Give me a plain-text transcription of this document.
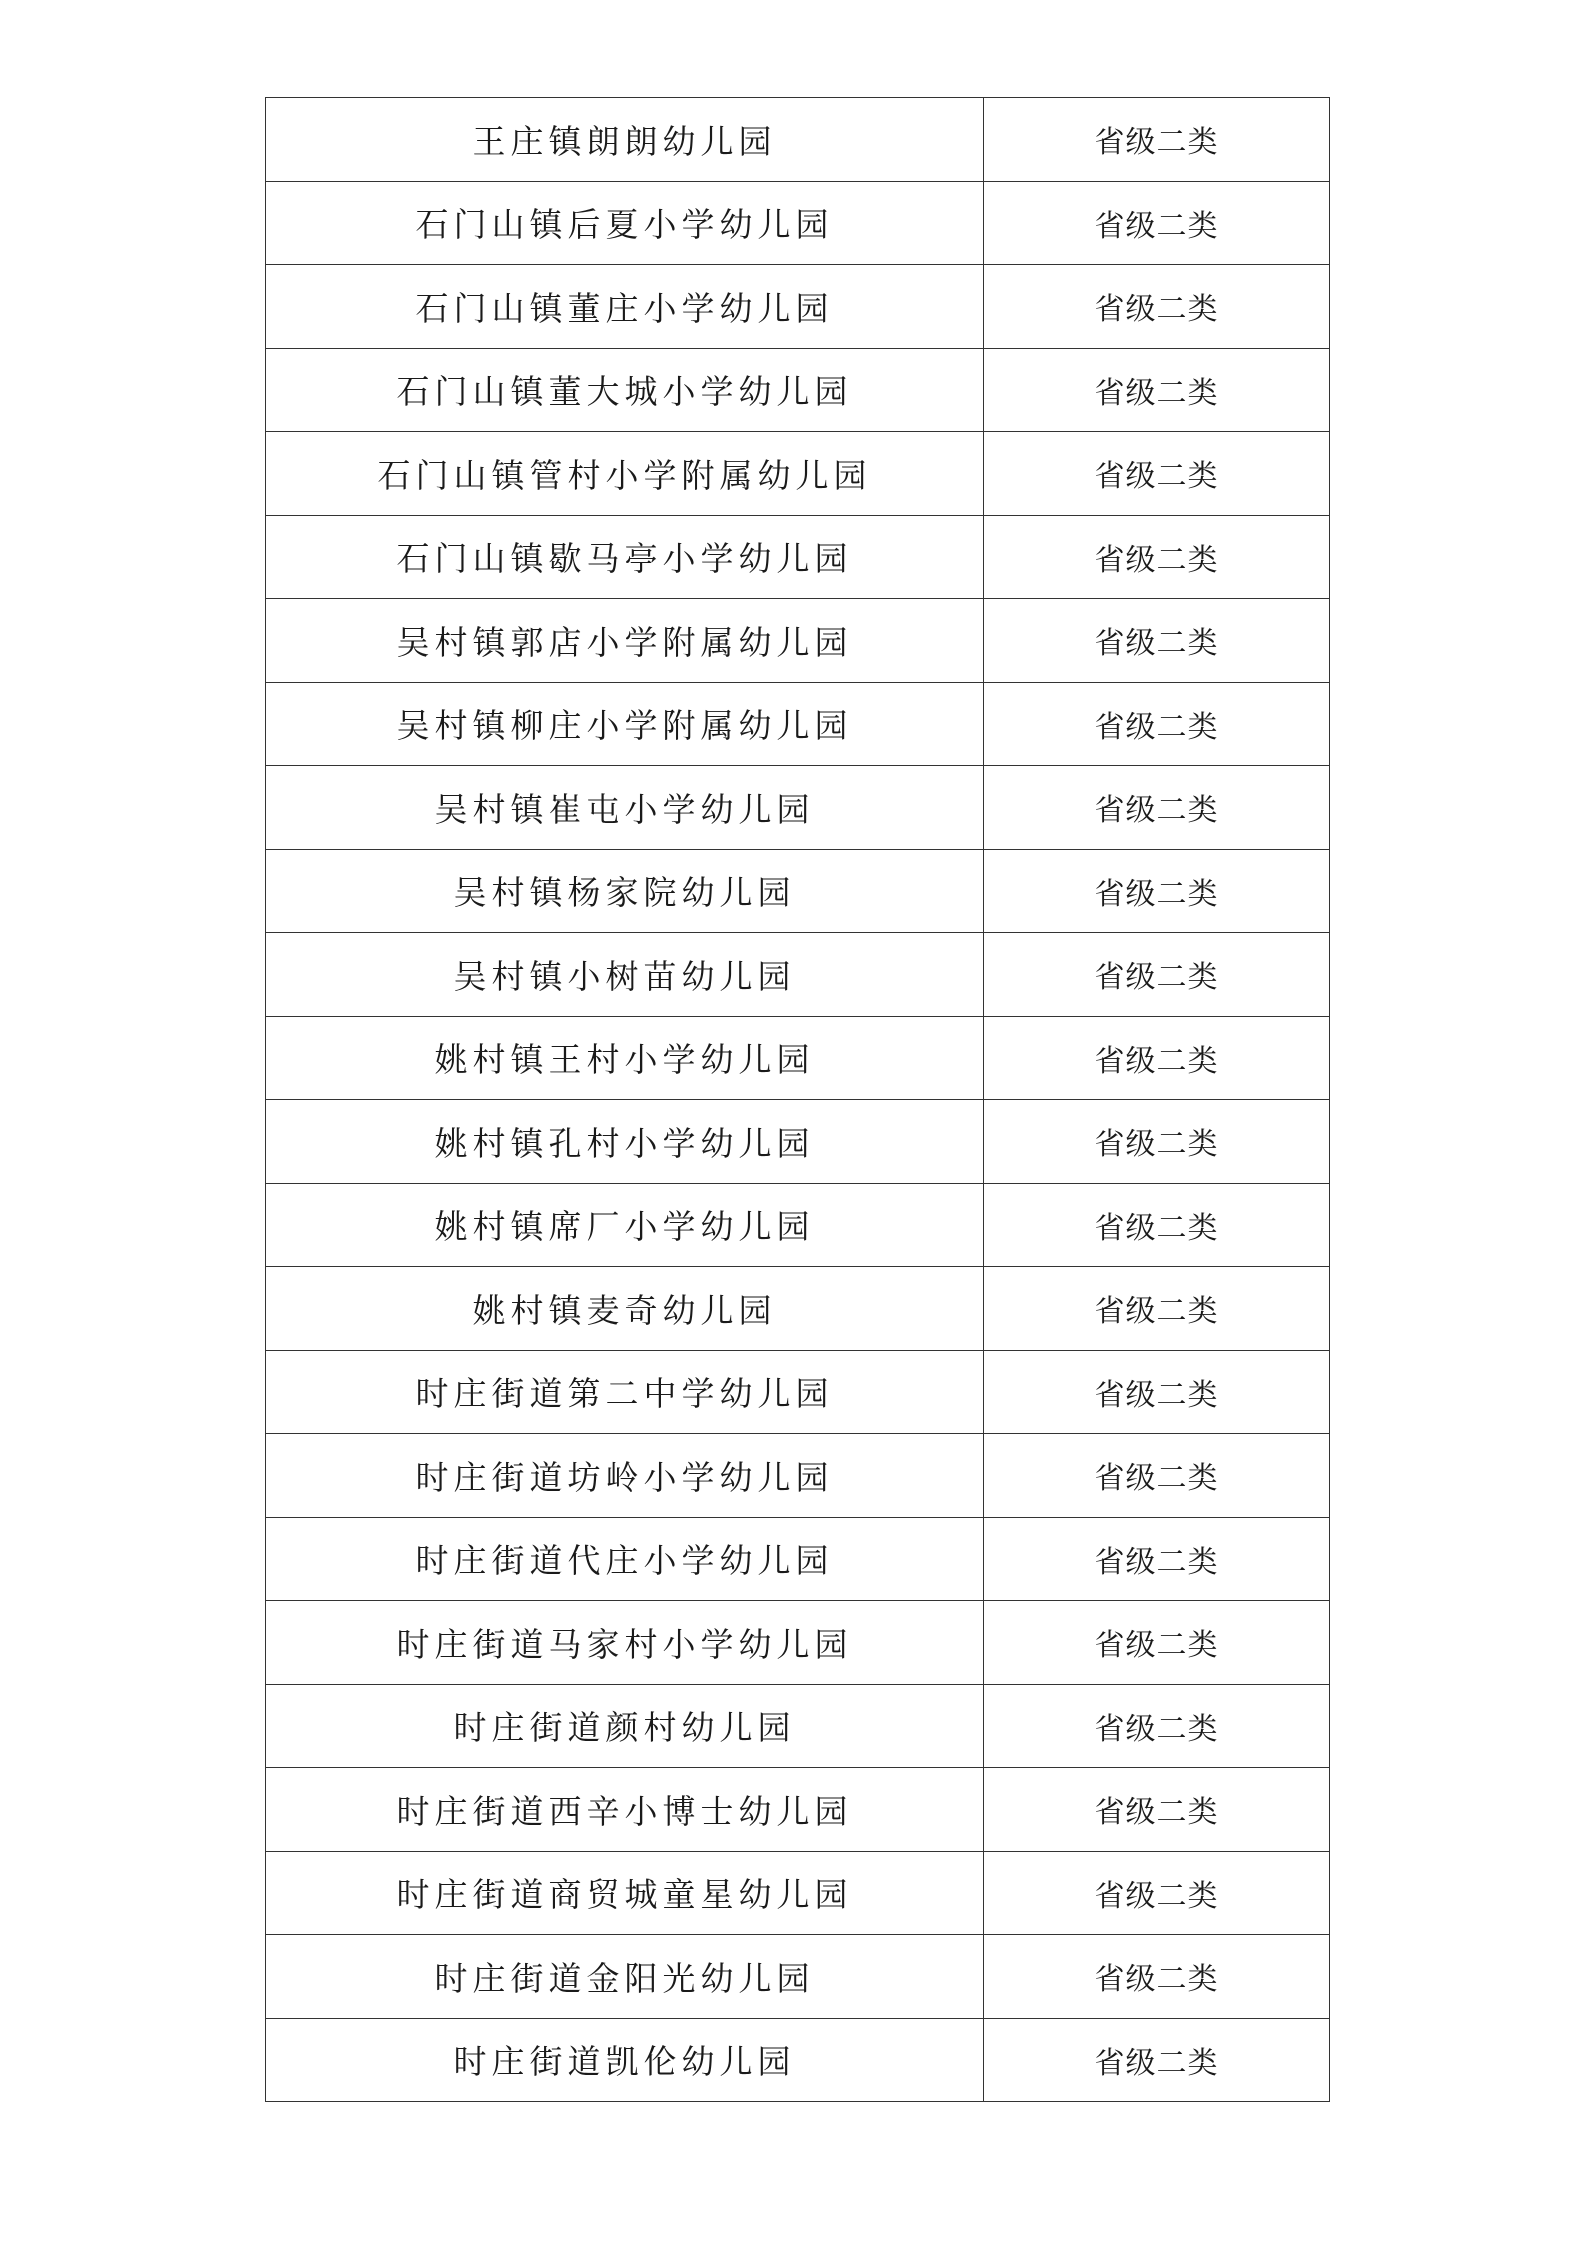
王庄镇朗朗幼儿园	省级二类
石门山镇后夏小学幼儿园	省级二类
石门山镇董庄小学幼儿园	省级二类
石门山镇董大城小学幼儿园	省级二类
石门山镇管村小学附属幼儿园	省级二类
石门山镇歇马亭小学幼儿园	省级二类
吴村镇郭店小学附属幼儿园	省级二类
吴村镇柳庄小学附属幼儿园	省级二类
吴村镇崔屯小学幼儿园	省级二类
吴村镇杨家院幼儿园	省级二类
吴村镇小树苗幼儿园	省级二类
姚村镇王村小学幼儿园	省级二类
姚村镇孔村小学幼儿园	省级二类
姚村镇席厂小学幼儿园	省级二类
姚村镇麦奇幼儿园	省级二类
时庄街道第二中学幼儿园	省级二类
时庄街道坊岭小学幼儿园	省级二类
时庄街道代庄小学幼儿园	省级二类
时庄街道马家村小学幼儿园	省级二类
时庄街道颜村幼儿园	省级二类
时庄街道西辛小博士幼儿园	省级二类
时庄街道商贸城童星幼儿园	省级二类
时庄街道金阳光幼儿园	省级二类
时庄街道凯伦幼儿园	省级二类
